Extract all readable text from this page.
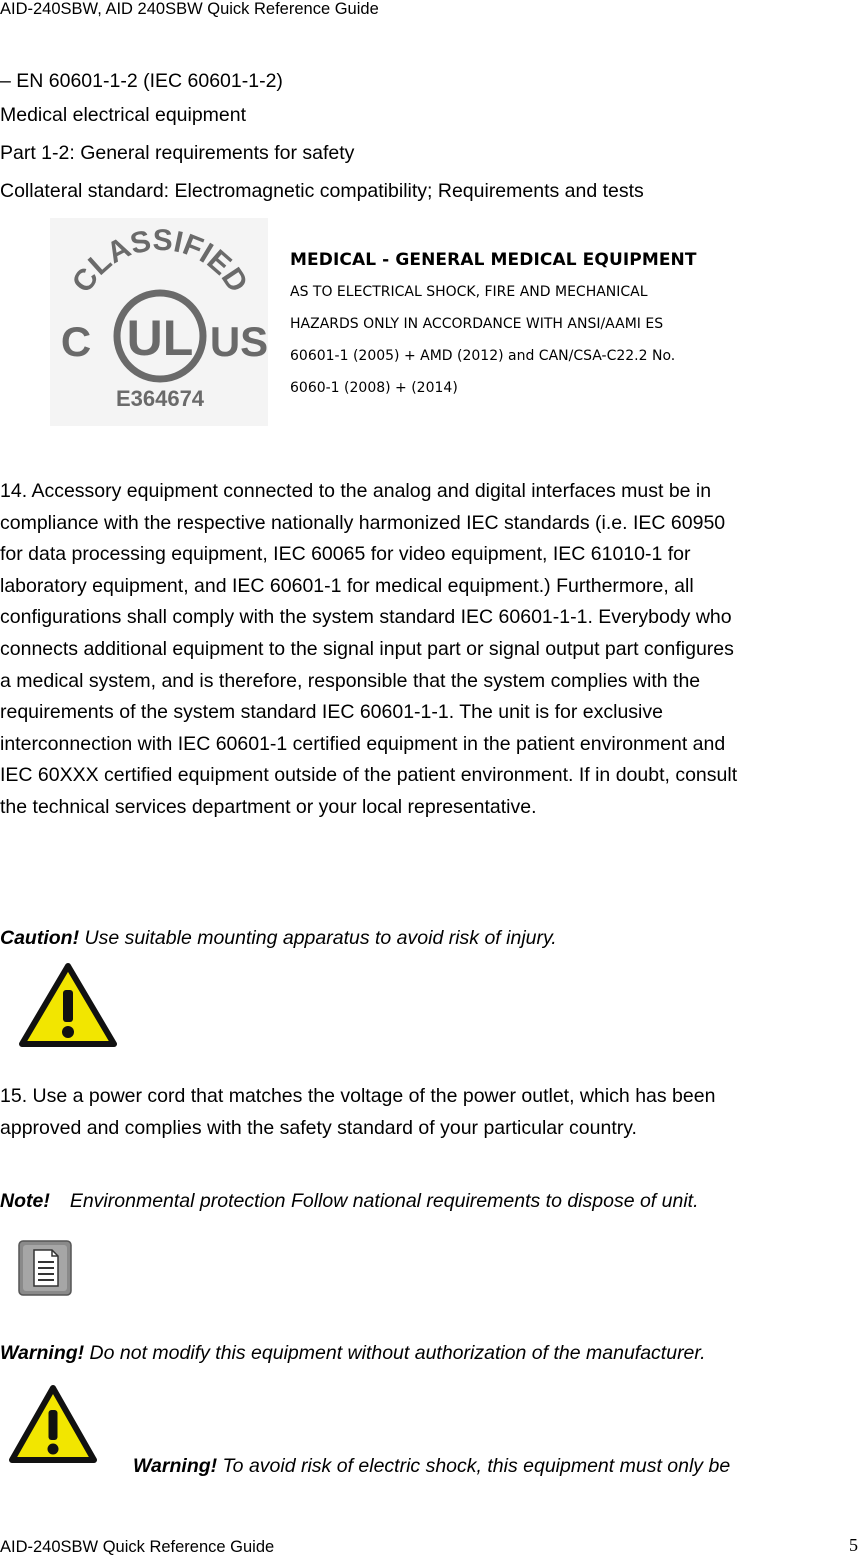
AID-240SBW, AID 240SBW Quick Reference Guide
– EN 60601-1-2 (IEC 60601-1-2)
Medical electrical equipment
Part 1-2: General requirements for safety
Collateral standard: Electromagnetic compatibility; Requirements and tests
CLASSIFIED
UL
C	US
E364674
MEDICAL - GENERAL MEDICAL EQUIPMENT
AS TO ELECTRICAL SHOCK, FIRE AND MECHANICAL
HAZARDS ONLY IN ACCORDANCE WITH ANSI/AAMI ES
60601-1 (2005) + AMD (2012) and CAN/CSA-C22.2 No.
6060-1 (2008) + (2014)

14. Accessory equipment connected to the analog and digital interfaces must be in

compliance with the respective nationally harmonized IEC standards (i.e. IEC 60950

for data processing equipment, IEC 60065 for video equipment, IEC 61010-1 for

laboratory equipment, and IEC 60601-1 for medical equipment.) Furthermore, all

configurations shall comply with the system standard IEC 60601-1-1. Everybody who

connects additional equipment to the signal input part or signal output part configures

a medical system, and is therefore, responsible that the system complies with the

requirements of the system standard IEC 60601-1-1. The unit is for exclusive

interconnection with IEC 60601-1 certified equipment in the patient environment and

IEC 60XXX certified equipment outside of the patient environment. If in doubt, consult

the technical services department or your local representative.

Caution! Use suitable mounting apparatus to avoid risk of injury.

15. Use a power cord that matches the voltage of the power outlet, which has been

approved and complies with the safety standard of your particular country.

Note! Environmental protection Follow national requirements to dispose of unit.
Warning! Do not modify this equipment without authorization of the manufacturer.
Warning! To avoid risk of electric shock, this equipment must only be
AID-240SBW Quick Reference Guide	5
